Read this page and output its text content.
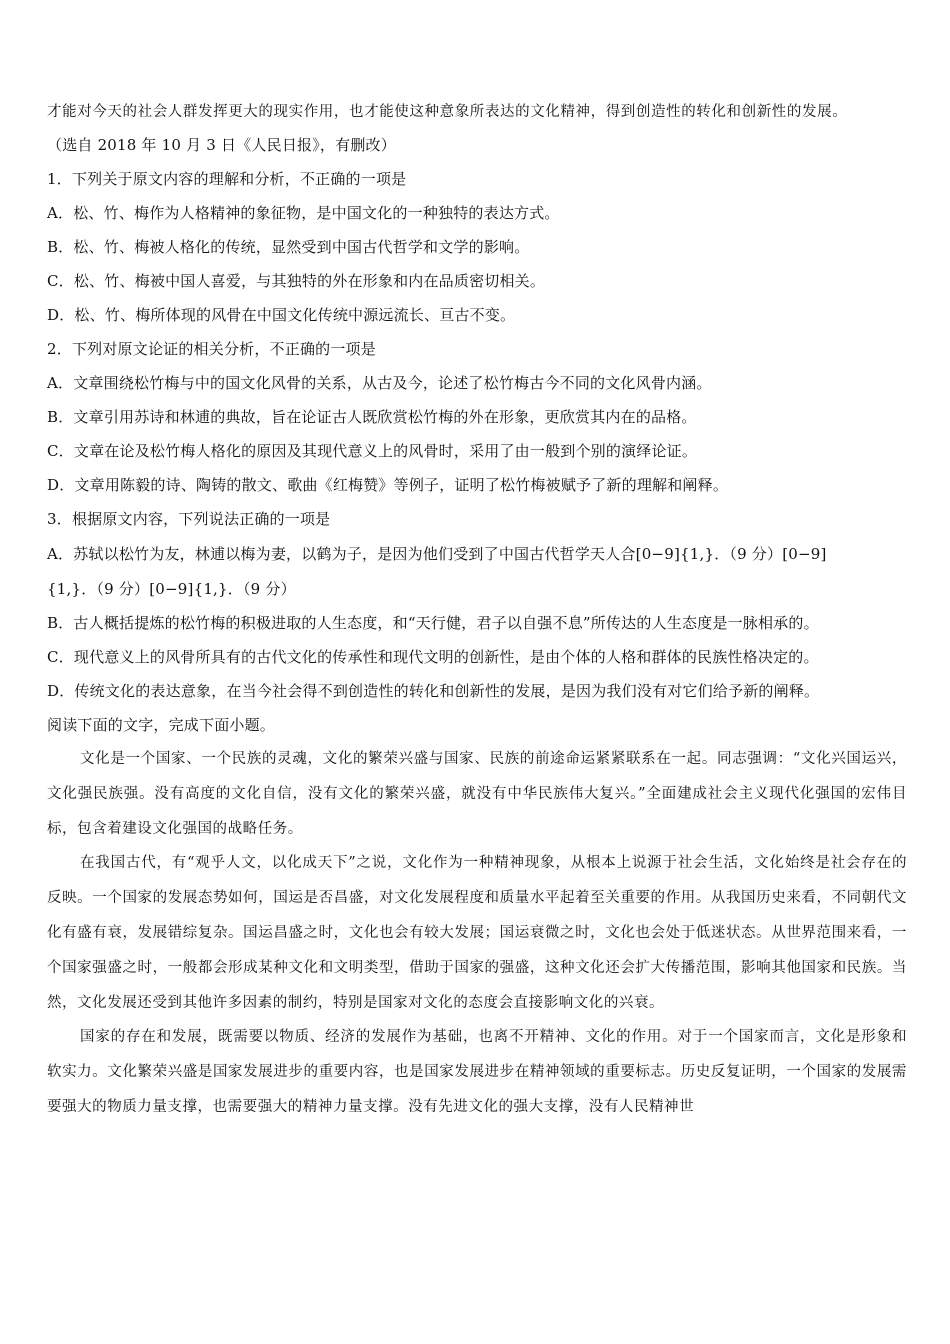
才能对今天的社会人群发挥更大的现实作用，也才能使这种意象所表达的文化精神，得到创造性的转化和创新性的发展。

（选自 2018 年 10 月 3 日《人民日报》，有删改）
1．下列关于原文内容的理解和分析，不正确的一项是
A．松、竹、梅作为人格精神的象征物，是中国文化的一种独特的表达方式。
B．松、竹、梅被人格化的传统，显然受到中国古代哲学和文学的影响。
C．松、竹、梅被中国人喜爱，与其独特的外在形象和内在品质密切相关。
D．松、竹、梅所体现的风骨在中国文化传统中源远流长、亘古不变。
2．下列对原文论证的相关分析，不正确的一项是
A．文章围绕松竹梅与中的国文化风骨的关系，从古及今，论述了松竹梅古今不同的文化风骨内涵。
B．文章引用苏诗和林逋的典故，旨在论证古人既欣赏松竹梅的外在形象，更欣赏其内在的品格。
C．文章在论及松竹梅人格化的原因及其现代意义上的风骨时，采用了由一般到个别的演绎论证。
D．文章用陈毅的诗、陶铸的散文、歌曲《红梅赞》等例子，证明了松竹梅被赋予了新的理解和阐释。
3．根据原文内容，下列说法正确的一项是
A．苏轼以松竹为友，林逋以梅为妻，以鹤为子，是因为他们受到了中国古代哲学天人合[0−9]{1,}．（9 分）[0−9]
{1,}．（9 分）[0−9]{1,}．（9 分）
B．古人概括提炼的松竹梅的积极进取的人生态度，和“天行健，君子以自强不息”所传达的人生态度是一脉相承的。
C．现代意义上的风骨所具有的古代文化的传承性和现代文明的创新性，是由个体的人格和群体的民族性格决定的。
D．传统文化的表达意象，在当今社会得不到创造性的转化和创新性的发展，是因为我们没有对它们给予新的阐释。
阅读下面的文字，完成下面小题。

文化是一个国家、一个民族的灵魂，文化的繁荣兴盛与国家、民族的前途命运紧紧联系在一起。同志强调：“文化兴国运兴，文化强民族强。没有高度的文化自信，没有文化的繁荣兴盛，就没有中华民族伟大复兴。”全面建成社会主义现代化强国的宏伟目标，包含着建设文化强国的战略任务。

在我国古代，有“观乎人文，以化成天下”之说，文化作为一种精神现象，从根本上说源于社会生活，文化始终是社会存在的反映。一个国家的发展态势如何，国运是否昌盛，对文化发展程度和质量水平起着至关重要的作用。从我国历史来看，不同朝代文化有盛有衰，发展错综复杂。国运昌盛之时，文化也会有较大发展；国运衰微之时，文化也会处于低迷状态。从世界范围来看，一个国家强盛之时，一般都会形成某种文化和文明类型，借助于国家的强盛，这种文化还会扩大传播范围，影响其他国家和民族。当然，文化发展还受到其他许多因素的制约，特别是国家对文化的态度会直接影响文化的兴衰。

国家的存在和发展，既需要以物质、经济的发展作为基础，也离不开精神、文化的作用。对于一个国家而言，文化是形象和软实力。文化繁荣兴盛是国家发展进步的重要内容，也是国家发展进步在精神领域的重要标志。历史反复证明，一个国家的发展需要强大的物质力量支撑，也需要强大的精神力量支撑。没有先进文化的强大支撑，没有人民精神世
